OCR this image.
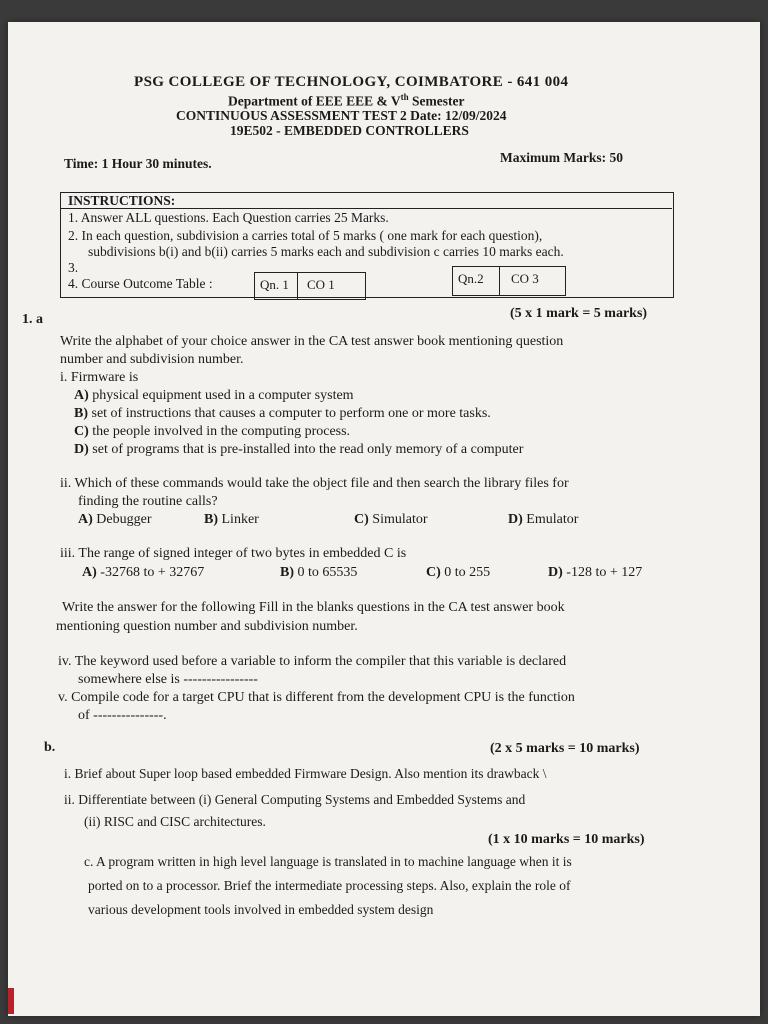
PSG COLLEGE OF TECHNOLOGY, COIMBATORE - 641 004
Department of EEE EEE & Vth Semester
CONTINUOUS ASSESSMENT TEST 2 Date: 12/09/2024
19E502 - EMBEDDED CONTROLLERS
Time: 1 Hour 30 minutes.	Maximum Marks: 50
INSTRUCTIONS:
1. Answer ALL questions. Each Question carries 25 Marks.
2. In each question, subdivision a carries total of 5 marks ( one mark for each question),
subdivisions b(i) and b(ii) carries 5 marks each and subdivision c carries 10 marks each.
3.
4. Course Outcome Table :	Qn. 1 CO 1	Qn.2 CO 3
1. a	(5 x 1 mark = 5 marks)
Write the alphabet of your choice answer in the CA test answer book mentioning question
number and subdivision number.
i. Firmware is
A) physical equipment used in a computer system
B) set of instructions that causes a computer to perform one or more tasks.
C) the people involved in the computing process.
D) set of programs that is pre-installed into the read only memory of a computer
ii. Which of these commands would take the object file and then search the library files for
finding the routine calls?
A) Debugger	B) Linker	C) Simulator	D) Emulator
iii. The range of signed integer of two bytes in embedded C is
A) -32768 to + 32767	B) 0 to 65535	C) 0 to 255	D) -128 to + 127
Write the answer for the following Fill in the blanks questions in the CA test answer book
mentioning question number and subdivision number.
iv. The keyword used before a variable to inform the compiler that this variable is declared
somewhere else is ----------------
v. Compile code for a target CPU that is different from the development CPU is the function
of ---------------.
b.	(2 x 5 marks = 10 marks)
i. Brief about Super loop based embedded Firmware Design. Also mention its drawback \
ii. Differentiate between (i) General Computing Systems and Embedded Systems and
(ii) RISC and CISC architectures.
(1 x 10 marks = 10 marks)
c. A program written in high level language is translated in to machine language when it is
ported on to a processor. Brief the intermediate processing steps. Also, explain the role of
various development tools involved in embedded system design
